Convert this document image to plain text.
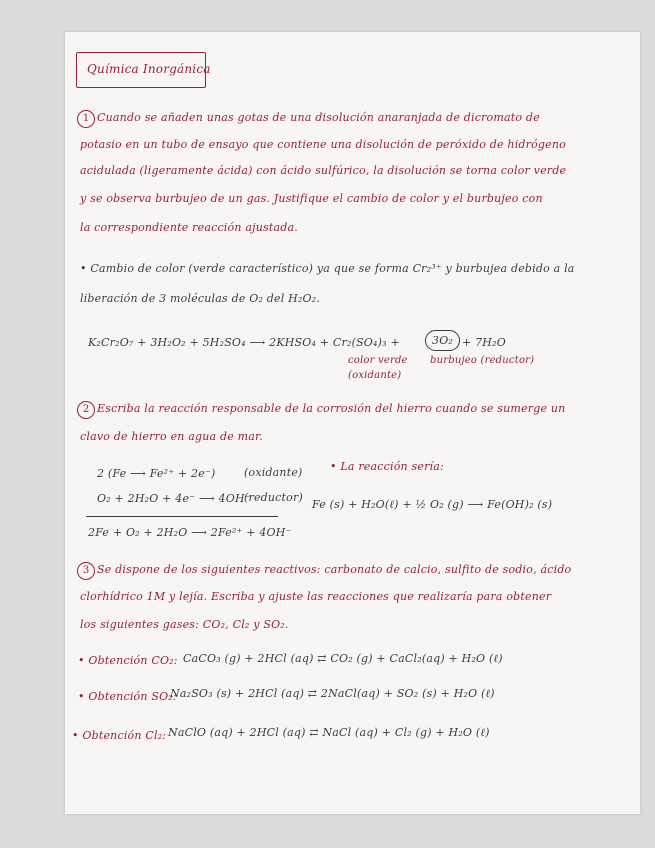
Química Inorgánica
1 Cuando se añaden unas gotas de una disolución anaranjada de dicromato de
potasio en un tubo de ensayo que contiene una disolución de peróxido de hidrógeno
acidulada (ligeramente ácida) con ácido sulfúrico, la disolución se torna color verde
y se observa burbujeo de un gas. Justifique el cambio de color y el burbujeo con
la correspondiente reacción ajustada.
• Cambio de color (verde característico) ya que se forma Cr₂³⁺ y burbujea debido a la
liberación de 3 moléculas de O₂ del H₂O₂.
K₂Cr₂O₇ + 3H₂O₂ + 5H₂SO₄ ⟶ 2KHSO₄ + Cr₂(SO₄)₃ +	3O₂ + 7H₂O
color verde
(oxidante)
burbujeo (reductor)
2 Escriba la reacción responsable de la corrosión del hierro cuando se sumerge un
clavo de hierro en agua de mar.
2 (Fe ⟶ Fe²⁺ + 2e⁻)	(oxidante)
O₂ + 2H₂O + 4e⁻ ⟶ 4OH⁻
(reductor)
2Fe + O₂ + 2H₂O ⟶ 2Fe²⁺ + 4OH⁻
• La reacción sería:
Fe (s) + H₂O(ℓ) + ½ O₂ (g) ⟶ Fe(OH)₂ (s)
3 Se dispone de los siguientes reactivos: carbonato de calcio, sulfito de sodio, ácido
clorhídrico 1M y lejía. Escriba y ajuste las reacciones que realizaría para obtener
los siguientes gases: CO₂, Cl₂ y SO₂.
• Obtención CO₂: CaCO₃ (g) + 2HCl (aq) ⇄ CO₂ (g) + CaCl₂(aq) + H₂O (ℓ)
• Obtención SO₂:
Na₂SO₃ (s) + 2HCl (aq) ⇄ 2NaCl(aq) + SO₂ (s) + H₂O (ℓ)
• Obtención Cl₂: NaClO (aq) + 2HCl (aq) ⇄ NaCl (aq) + Cl₂ (g) + H₂O (ℓ)
